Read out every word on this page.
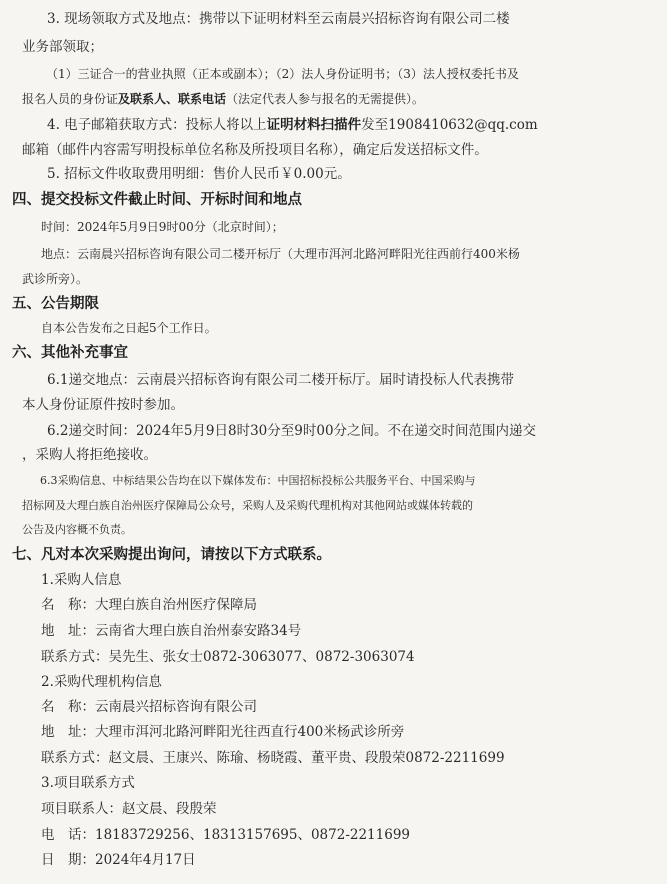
3. 现场领取方式及地点：携带以下证明材料至云南晨兴招标咨询有限公司二楼
业务部领取；
（1）三证合一的营业执照（正本或副本）；（2）法人身份证明书；（3）法人授权委托书及
报名人员的身份证及联系人、联系电话（法定代表人参与报名的无需提供）。
4. 电子邮箱获取方式：投标人将以上证明材料扫描件发至1908410632@qq.com
邮箱（邮件内容需写明投标单位名称及所投项目名称），确定后发送招标文件。
5. 招标文件收取费用明细：售价人民币￥0.00元。
四、提交投标文件截止时间、开标时间和地点
时间：2024年5月9日9时00分（北京时间）；
地点：云南晨兴招标咨询有限公司二楼开标厅（大理市洱河北路河畔阳光往西前行400米杨
武诊所旁）。
五、公告期限
自本公告发布之日起5个工作日。
六、其他补充事宜
6.1递交地点：云南晨兴招标咨询有限公司二楼开标厅。届时请投标人代表携带
本人身份证原件按时参加。
6.2递交时间：2024年5月9日8时30分至9时00分之间。不在递交时间范围内递交
，采购人将拒绝接收。
6.3采购信息、中标结果公告均在以下媒体发布：中国招标投标公共服务平台、中国采购与
招标网及大理白族自治州医疗保障局公众号，采购人及采购代理机构对其他网站或媒体转载的
公告及内容概不负责。
七、凡对本次采购提出询问，请按以下方式联系。
1.采购人信息
名　称：大理白族自治州医疗保障局
地　址：云南省大理白族自治州泰安路34号
联系方式：吴先生、张女士0872-3063077、0872-3063074
2.采购代理机构信息
名　称：云南晨兴招标咨询有限公司
地　址：大理市洱河北路河畔阳光往西直行400米杨武诊所旁
联系方式：赵文晨、王康兴、陈瑜、杨晓霞、董平贵、段殷荣0872-2211699
3.项目联系方式
项目联系人：赵文晨、段殷荣
电　话：18183729256、18313157695、0872-2211699
日　期：2024年4月17日
